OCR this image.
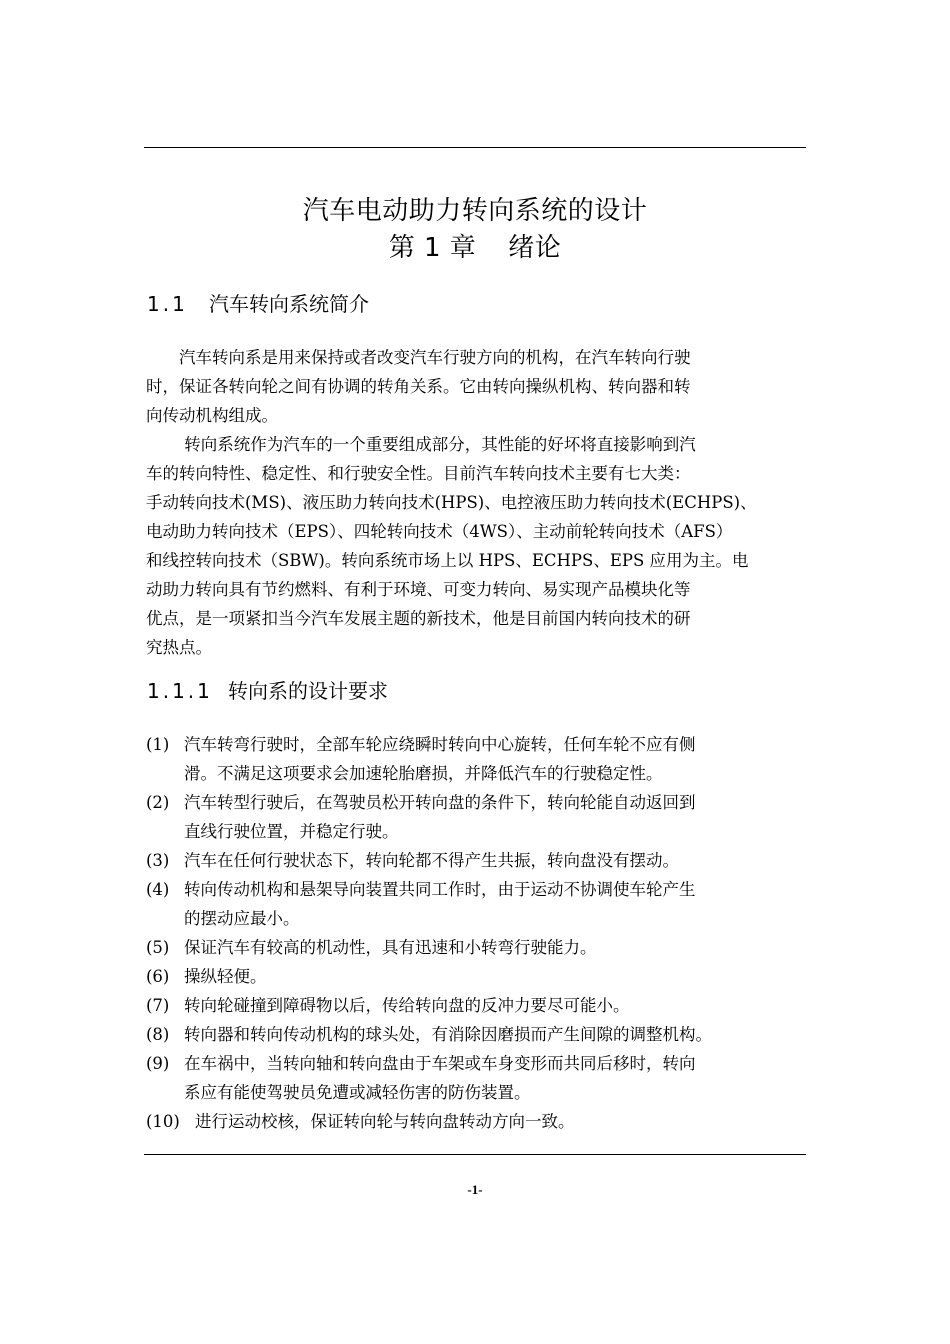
汽车电动助力转向系统的设计
第 1 章 绪论
1.1 汽车转向系统简介
　　汽车转向系是用来保持或者改变汽车行驶方向的机构，在汽车转向行驶
时，保证各转向轮之间有协调的转角关系。它由转向操纵机构、转向器和转
向传动机构组成。
　　 转向系统作为汽车的一个重要组成部分，其性能的好坏将直接影响到汽
车的转向特性、稳定性、和行驶安全性。目前汽车转向技术主要有七大类：
手动转向技术(MS)、液压助力转向技术(HPS)、电控液压助力转向技术(ECHPS)、
电动助力转向技术（EPS）、四轮转向技术（4WS）、主动前轮转向技术（AFS）
和线控转向技术（SBW)。转向系统市场上以 HPS、ECHPS、EPS 应用为主。电
动助力转向具有节约燃料、有利于环境、可变力转向、易实现产品模块化等
优点，是一项紧扣当今汽车发展主题的新技术，他是目前国内转向技术的研
究热点。
1.1.1 转向系的设计要求
(1) 汽车转弯行驶时，全部车轮应绕瞬时转向中心旋转，任何车轮不应有侧
滑。不满足这项要求会加速轮胎磨损，并降低汽车的行驶稳定性。
(2) 汽车转型行驶后，在驾驶员松开转向盘的条件下，转向轮能自动返回到
直线行驶位置，并稳定行驶。
(3) 汽车在任何行驶状态下，转向轮都不得产生共振，转向盘没有摆动。
(4) 转向传动机构和悬架导向装置共同工作时，由于运动不协调使车轮产生
的摆动应最小。
(5) 保证汽车有较高的机动性，具有迅速和小转弯行驶能力。
(6) 操纵轻便。
(7) 转向轮碰撞到障碍物以后，传给转向盘的反冲力要尽可能小。
(8) 转向器和转向传动机构的球头处，有消除因磨损而产生间隙的调整机构。
(9) 在车祸中，当转向轴和转向盘由于车架或车身变形而共同后移时，转向
系应有能使驾驶员免遭或减轻伤害的防伤装置。
(10) 进行运动校核，保证转向轮与转向盘转动方向一致。
-1-
